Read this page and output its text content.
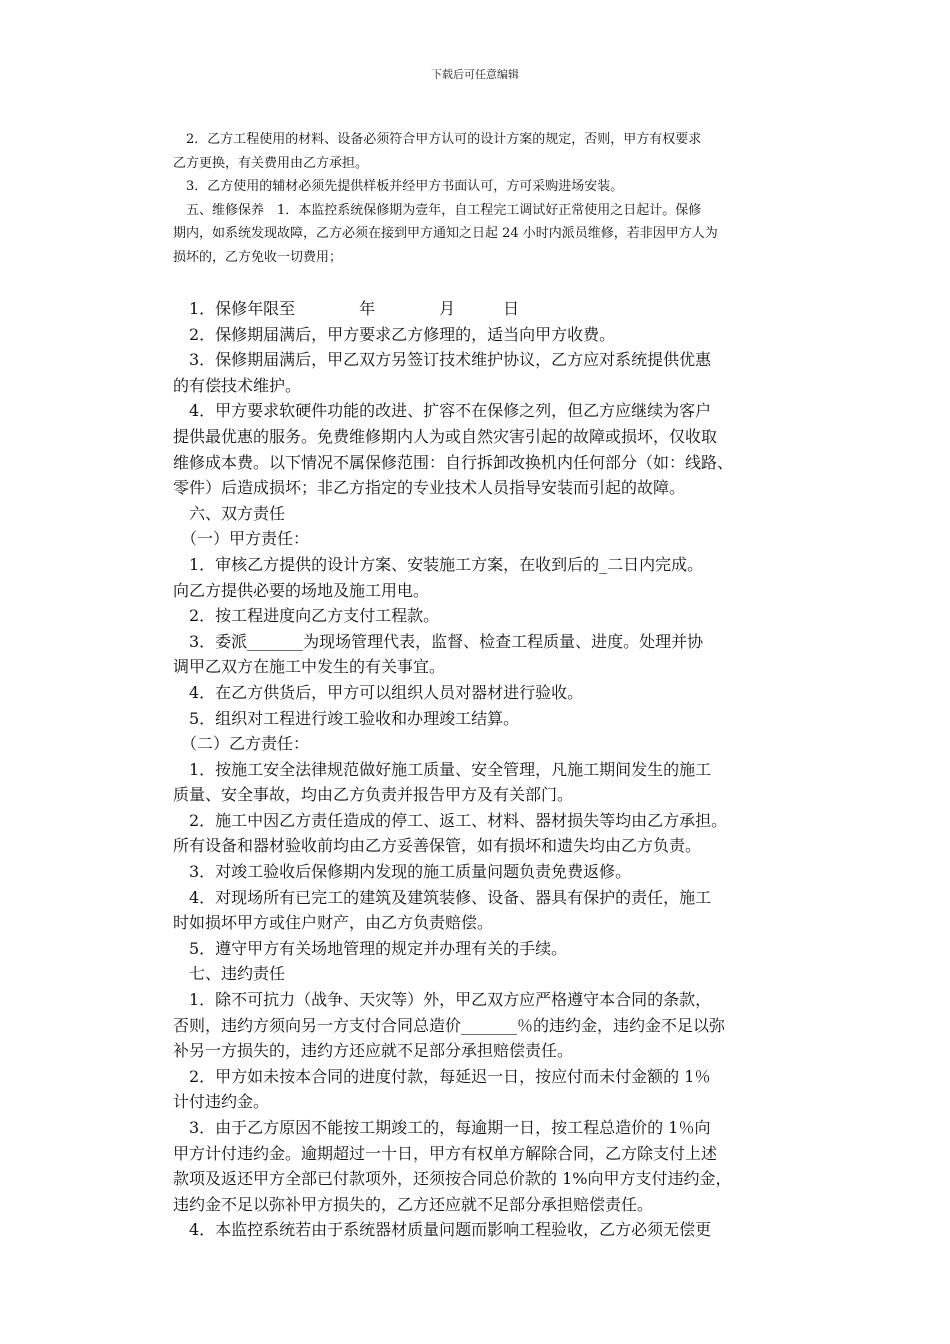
下载后可任意编辑

　2．乙方工程使用的材料、设备必须符合甲方认可的设计方案的规定，否则，甲方有权要求

乙方更换，有关费用由乙方承担。

　3．乙方使用的辅材必须先提供样板并经甲方书面认可，方可采购进场安装。

　五、维修保养　1．本监控系统保修期为壹年，自工程完工调试好正常使用之日起计。保修

期内，如系统发现故障，乙方必须在接到甲方通知之日起 24 小时内派员维修，若非因甲方人为

损坏的，乙方免收一切费用；

　1．保修年限至　　　　年　　　　月　　　日

　2．保修期届满后，甲方要求乙方修理的，适当向甲方收费。

　3．保修期届满后，甲乙双方另签订技术维护协议，乙方应对系统提供优惠

的有偿技术维护。

　4．甲方要求软硬件功能的改进、扩容不在保修之列，但乙方应继续为客户

提供最优惠的服务。免费维修期内人为或自然灾害引起的故障或损坏，仅收取

维修成本费。以下情况不属保修范围：自行拆卸改换机内任何部分（如：线路、

零件）后造成损坏；非乙方指定的专业技术人员指导安装而引起的故障。

　六、双方责任

　（一）甲方责任：

　1．审核乙方提供的设计方案、安装施工方案，在收到后的_二日内完成。

向乙方提供必要的场地及施工用电。

　2．按工程进度向乙方支付工程款。

　3．委派_______为现场管理代表，监督、检查工程质量、进度。处理并协

调甲乙双方在施工中发生的有关事宜。

　4．在乙方供货后，甲方可以组织人员对器材进行验收。

　5．组织对工程进行竣工验收和办理竣工结算。

　（二）乙方责任：

　1．按施工安全法律规范做好施工质量、安全管理，凡施工期间发生的施工

质量、安全事故，均由乙方负责并报告甲方及有关部门。

　2．施工中因乙方责任造成的停工、返工、材料、器材损失等均由乙方承担。

所有设备和器材验收前均由乙方妥善保管，如有损坏和遗失均由乙方负责。

　3．对竣工验收后保修期内发现的施工质量问题负责免费返修。

　4．对现场所有已完工的建筑及建筑装修、设备、器具有保护的责任，施工

时如损坏甲方或住户财产，由乙方负责赔偿。

　5．遵守甲方有关场地管理的规定并办理有关的手续。

　七、违约责任

　1．除不可抗力（战争、天灾等）外，甲乙双方应严格遵守本合同的条款，

否则，违约方须向另一方支付合同总造价_______％的违约金，违约金不足以弥

补另一方损失的，违约方还应就不足部分承担赔偿责任。

　2．甲方如未按本合同的进度付款，每延迟一日，按应付而未付金额的 1％

计付违约金。

　3．由于乙方原因不能按工期竣工的，每逾期一日，按工程总造价的 1％向

甲方计付违约金。逾期超过一十日，甲方有权单方解除合同，乙方除支付上述

款项及返还甲方全部已付款项外，还须按合同总价款的 1%向甲方支付违约金，

违约金不足以弥补甲方损失的，乙方还应就不足部分承担赔偿责任。

　4．本监控系统若由于系统器材质量问题而影响工程验收，乙方必须无偿更
